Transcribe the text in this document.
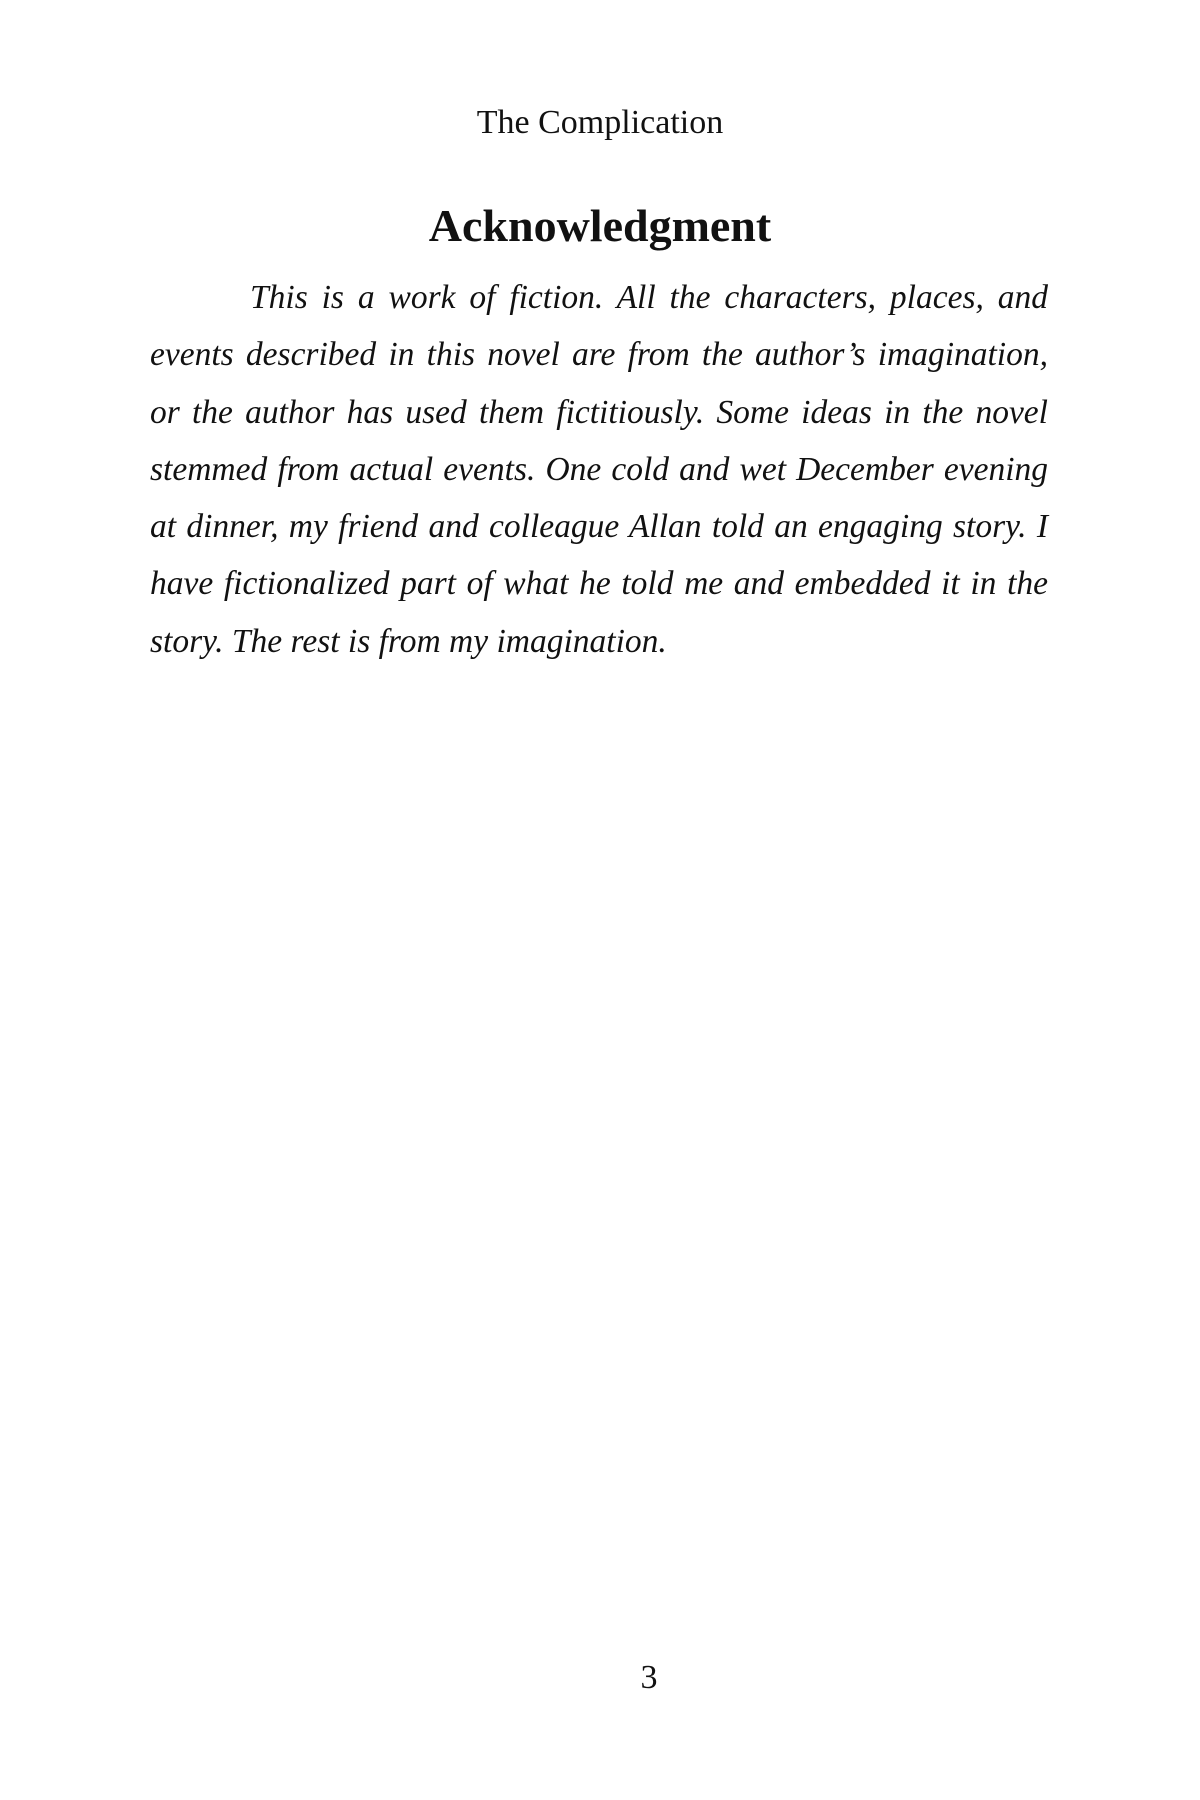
The Complication
Acknowledgment

This is a work of fiction. All the characters, places, and events described in this novel are from the author’s imagination, or the author has used them fictitiously. Some ideas in the novel stemmed from actual events. One cold and wet December evening at dinner, my friend and colleague Allan told an engaging story. I have fictionalized part of what he told me and embedded it in the story. The rest is from my imagination.

3
